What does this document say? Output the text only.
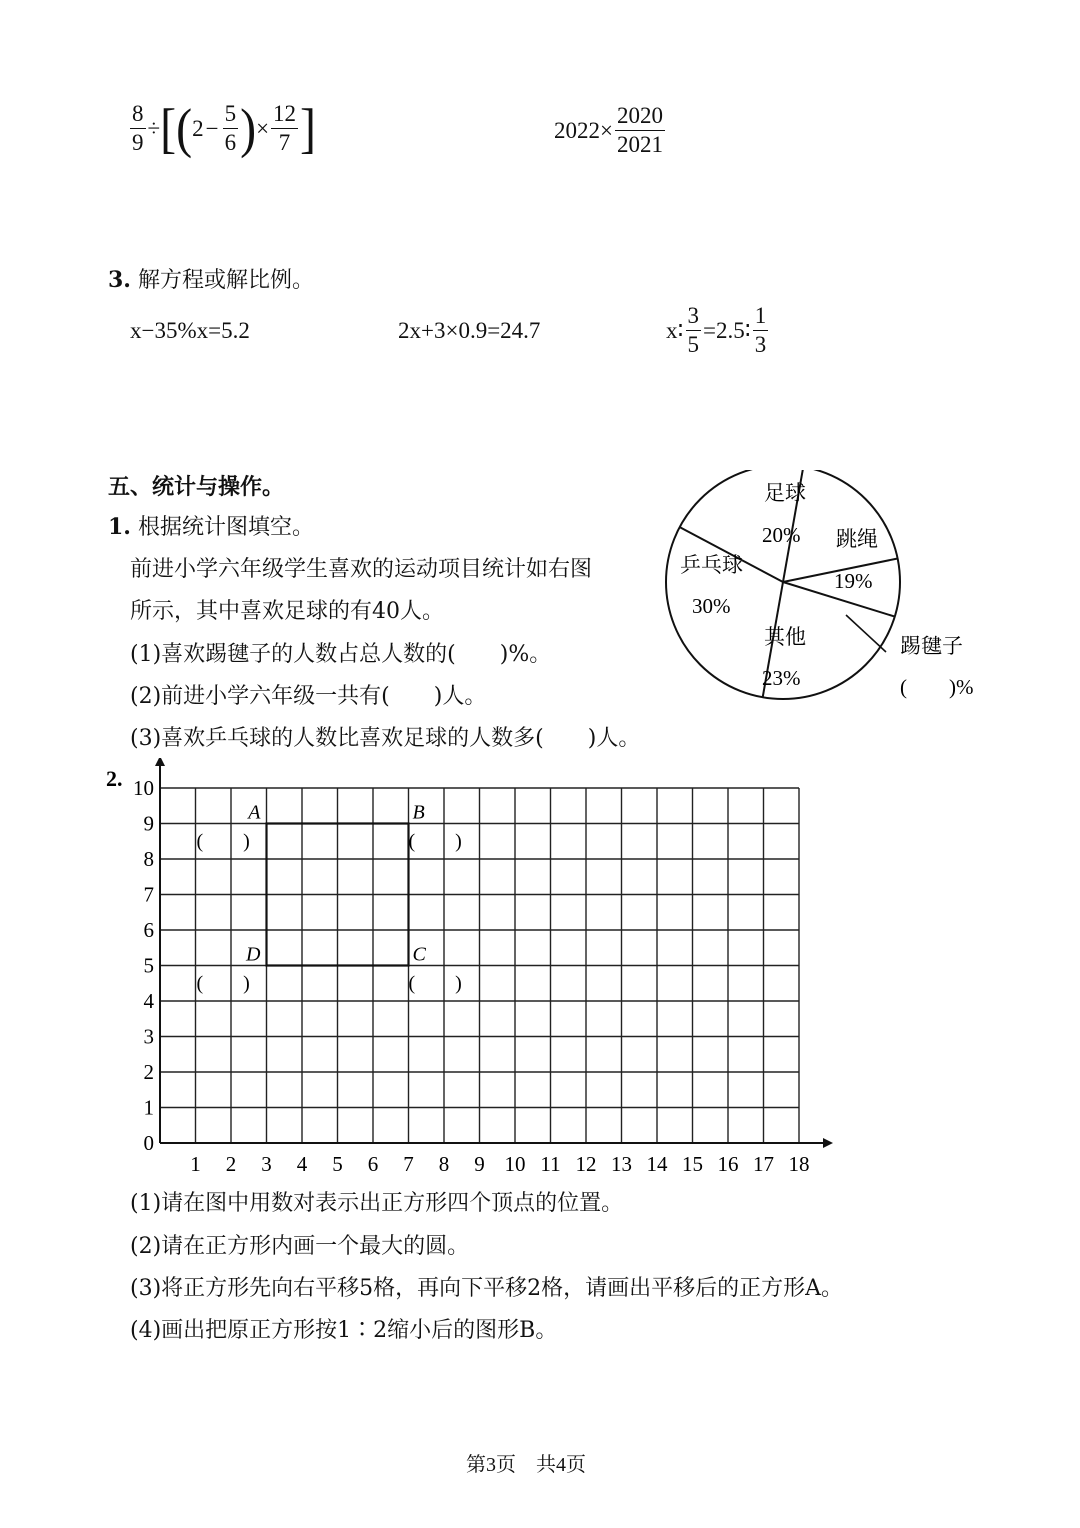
$\frac{8}{9}$ ÷ [ ( $2 - \frac{5}{6}$ ) × $\frac{12}{7}$ ]	$2022\times \frac{2020}{2021}$
3. 解方程或解比例。
x−35%x=5.2	2x+3×0.9=24.7	x∶ $\frac{3}{5}$ =2.5∶ $\frac{1}{3}$
五、统计与操作。
1. 根据统计图填空。
前进小学六年级学生喜欢的运动项目统计如右图
所示，其中喜欢足球的有40人。
(1)喜欢踢毽子的人数占总人数的(　　)%。
(2)前进小学六年级一共有(　　)人。
(3)喜欢乒乓球的人数比喜欢足球的人数多(　　)人。
足球
20% 跳绳
19%
踢毽子
(　　)%
其他
23%
乒乓球
30%
2.
1 2 3 4 5 6 7 8 9 10 11 12 13 14 15 16 17 18
0
1
2
3
4
5
6
7
8
9
10
A
(　　)
B
(　　)
C
(　　)
D
(　　)
(1)请在图中用数对表示出正方形四个顶点的位置。
(2)请在正方形内画一个最大的圆。
(3)将正方形先向右平移5格，再向下平移2格，请画出平移后的正方形A。
(4)画出把原正方形按1∶2缩小后的图形B。
第3页　共4页
